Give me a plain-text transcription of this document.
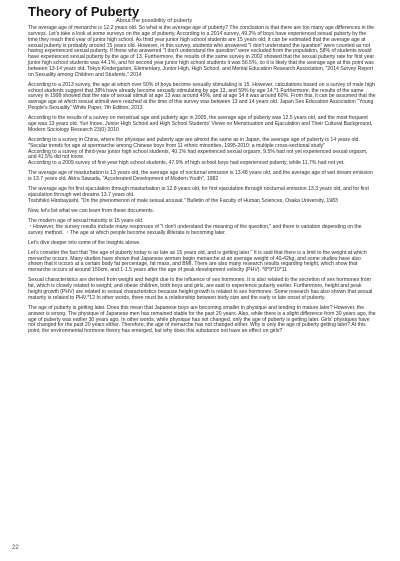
Theory of Puberty
About the possibility of puberty

The average age of menarche is 12.2 years old. So what is the average age of puberty? The conclusion is that there are too many age differences in the surveys. Let's take a look at some surveys on the age of puberty. According to a 2014 survey, 49.2% of boys have experienced sexual puberty by the time they reach third year of junior high school. As third year junior high school students are 15 years old, it can be estimated that the average age at sexual puberty is probably around 15 years old. However, in this survey, students who answered "I don't understand the question" were counted as not having experienced sexual puberty. If those who answered "I don't understand the question" were excluded from the population, 58% of students would have experienced sexual puberty by the age of 13. Furthermore, the results of the same survey in 2002 showed that the sexual puberty rate for first year junior high school students was 44.1%, and for second year junior high school students it was 56.5%, so it is likely that the average age at this point was between 13-14 years old. Tokyo Kindergarten, Elementary, Junior High, High School, and Mental Education Research Association, "2014 Survey Report on Sexuality among Children and Students," 2014

According to a 2013 survey, the age at which over 50% of boys become sexually stimulating is 15. However, calculations based on a survey of male high school students suggest that 38% have already become sexually stimulating by age 13, and 59% by age 14.*1 Furthermore, the results of the same survey in 1999 showed that the rate of sexual stimuli at age 13 was around 40%, and at age 14 it was around 60%. From this, it can be assumed that the average age at which sexual stimuli were reached at the time of this survey was between 13 and 14 years old. Japan Sex Education Association "Young People's Sexuality" White Paper, 7th Edition, 2013

According to the results of a survey on menstrual age and puberty age in 2005, the average age of puberty was 12.5 years old, and the most frequent age was 13 years old. Yuri Inose, Junior High School and High School Students' Views on Menstruation and Ejaculation and Their Cultural Background, Modern Sociology Research 23(0) 2010

According to a survey in China, where the physique and puberty age are almost the same as in Japan, the average age of puberty is 14 years old. "Secular trends for age at spermarche among Chinese boys from 11 ethnic minorities, 1995-2010: a multiple cross-sectional study"

According to a survey of third-year junior high school students, 40.1% had experienced sexual orgasm, 9.5% had not yet experienced sexual orgasm, and 41.5% did not know.

According to a 2009 survey of first-year high school students, 47.9% of high school boys had experienced puberty, while 11.7% had not yet.

The average age of masturbation is 13 years old, the average age of nocturnal emission is 13.48 years old, and the average age of wet dream emission is 13.7 years old. Akira Sawada, "Accelerated Development of Modern Youth", 1982

The average age for first ejaculation through masturbation is 12.8 years old, for first ejaculation through nocturnal emission 13.3 years old, and for first ejaculation through wet dreams 13.7 years old.

Toshihiko Hirobayashi, "On the phenomenon of male sexual arousal." Bulletin of the Faculty of Human Sciences, Osaka University, 1983

Now, let's list what we can learn from these documents.

The modern age of sexual maturity is 15 years old.

・However, the survey results include many responses of "I don't understand the meaning of the question," and there is variation depending on the survey method. ・The age at which people become sexually illiterate is becoming later.

Let's dive deeper into some of the insights above.

Let's consider the fact that "the age of puberty today is as late as 15 years old, and is getting later." It is said that there is a limit to the weight at which menarche occurs. Many studies have shown that Japanese women begin menarche at an average weight of 40-42kg, and some studies have also shown that it occurs at a certain body fat percentage, fat mass, and BMI. There are also many research results regarding height, which show that menarche occurs at around 150cm, and 1-1.5 years after the age of peak development velocity (PHV). *8*9*10*11

Sexual characteristics are derived from weight and height due to the influence of sex hormones. It is also related to the secretion of sex hormones from fat, which is closely related to weight, and obese children, both boys and girls, are said to experience puberty earlier. Furthermore, height and peak height growth (PHV) are related to sexual characteristics because height growth is related to sex hormones. Some research has also shown that sexual maturity is related to PHV.*12 In other words, there must be a relationship between body size and the early or late onset of puberty.

The age of puberty is getting later. Does this mean that Japanese boys are becoming smaller in physique and tending to mature later? However, the answer is wrong. The physique of Japanese men has remained stable for the past 20 years. Also, while there is a slight difference from 30 years ago, the age of puberty was earlier 30 years ago. In other words, while physique has not changed, only the age of puberty is getting later. Girls' physiques have not changed for the past 20 years either. Therefore, the age of menarche has not changed either. Why is only the age of puberty getting later? At this point, the environmental hormone theory has emerged, but why does this substance not have an effect on girls?

22
